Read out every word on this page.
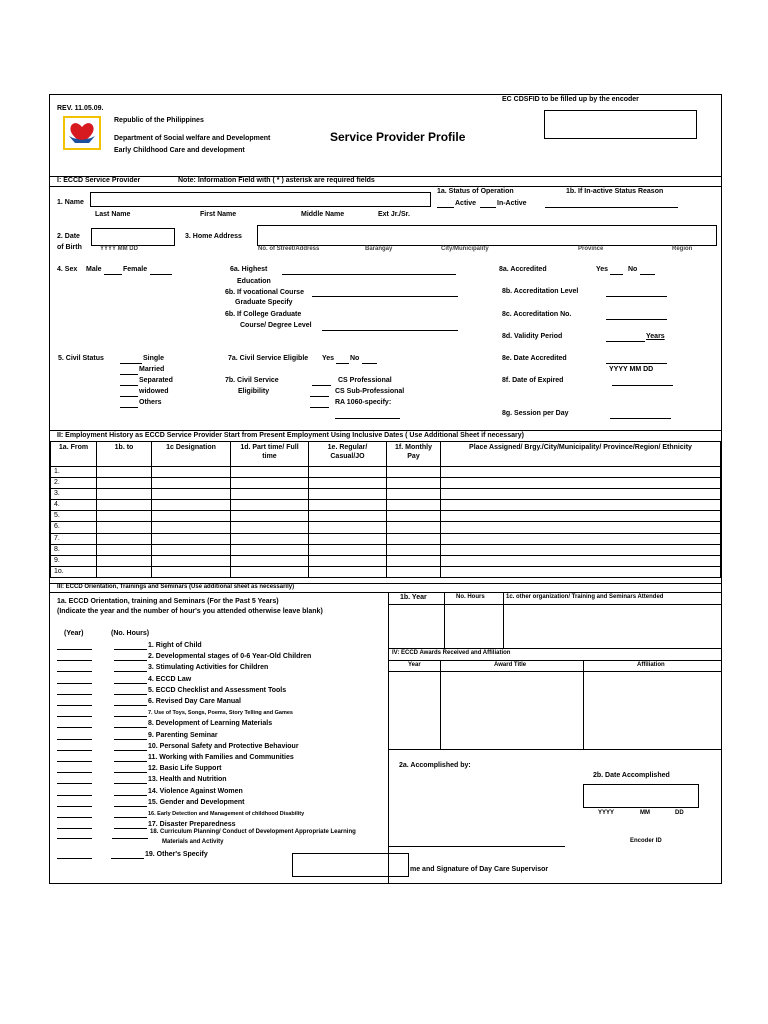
REV. 11.05.09.
EC CDSFID to be filled up by the encoder
Republic of the Philippines
Department of Social welfare and Development
Early Childhood Care and development
Service Provider Profile
I: ECCD Service Provider	Note: Information Field with ( * ) asterisk are required fields
1. Name
Last Name	First Name	Middle Name	Ext Jr./Sr.
1a. Status of Operation	1b. If In-active Status Reason
Active	In-Active
2. Date
of Birth	YYYY MM DD
3. Home Address
No. of Street/Address	Barangay	City/Municipality	Province	Region
4. Sex Male	Female	6a. Highest
Education
6b. If vocational Course
Graduate Specify
6b. If College Graduate
Course/ Degree Level
8a. Accredited	Yes	No
8b. Accreditation Level
8c. Accreditation No.
8d. Validity Period	Years
5. Civil Status	Single
Married
Separated
widowed
Others
7a. Civil Service Eligible Yes No
7b. Civil Service
Eligibility
CS Professional
CS Sub-Professional
RA 1060-specify:
8e. Date Accredited
YYYY MM DD
8f. Date of Expired
8g. Session per Day
II: Employment History as ECCD Service Provider Start from Present Employment Using Inclusive Dates ( Use Additional Sheet if necessary)
1a. From	1b. to	1c Designation	1d. Part time/ Full time	1e. Regular/ Casual/JO	1f. Monthly Pay	Place Assigned/ Brgy./City/Municipality/ Province/Region/ Ethnicity
1.						
2.						
3.						
4.						
5.						
6.						
7.						
8.						
9.						
1o.						
III: ECCD Orientation, Trainings and Seminars (Use additional sheet as necessarily)
1a. ECCD Orientation, training and Seminars (For the Past 5 Years)
(Indicate the year and the number of hour's you attended otherwise leave blank)
(Year)	(No. Hours)
1. Right of Child
2. Developmental stages of 0-6 Year-Old Children
3. Stimulating Activities for Children
4. ECCD Law
5. ECCD Checklist and Assessment Tools
6. Revised Day Care Manual
7. Use of Toys, Songs, Poems, Story Telling and Games
8. Development of Learning Materials
9. Parenting Seminar
10. Personal Safety and Protective Behaviour
11. Working with Families and Communities
12. Basic Life Support
13. Health and Nutrition
14. Violence Against Women
15. Gender and Development
16. Early Detection and Management of childhood Disability
17. Disaster Preparedness
18. Curriculum Planning/ Conduct of Development Appropriate Learning
Materials and Activity
19. Other's Specify
1b. Year	No. Hours	1c. other organization/ Training and Seminars Attended
IV: ECCD Awards Received and Affiliation
Year	Award Title	Affiliation
2a. Accomplished by:
2b. Date Accomplished
YYYY	MM	DD
Encoder ID
me and Signature of Day Care Supervisor
